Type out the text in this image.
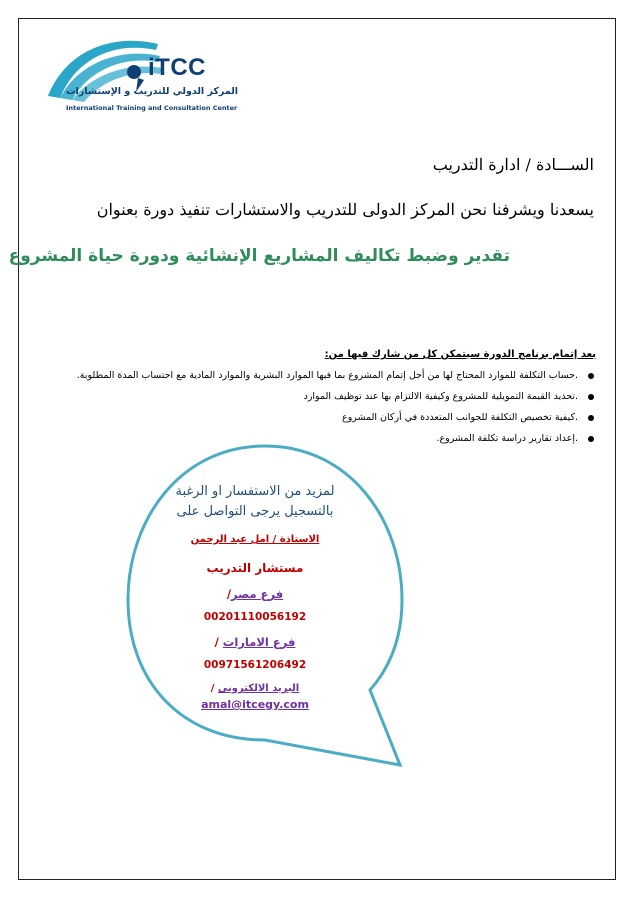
iTCC
المركز الدولي للتدريب و الإستشارات
International Training and Consultation Center
الســـادة / ادارة التدريب
يسعدنا ويشرفنا نحن المركز الدولى للتدريب والاستشارات تنفيذ دورة بعنوان
تقدير وضبط تكاليف المشاريع الإنشائية ودورة حياة المشروع
بعد إتمام برنامج الدورة سيتمكن كل من شارك فيها من:
.حساب التكلفة للموارد المحتاج لها من أجل إتمام المشروع بما فيها الموارد البشرية والموارد المادية مع احتساب المدة المطلوبة.
.تحديد القيمة التمويلية للمشروع وكيفية الالتزام بها عند توظيف الموارد
.كيفية تخصيص التكلفة للجوانب المتعددة في أركان المشروع
.إعداد تقارير دراسة تكلفة المشروع.

لمزيد من الاستفسار او الرغبة

بالتسجيل يرجى التواصل على

الاستاذة / امل عبد الرحمن

مستشار التدريب

فرع مصر/

00201110056192

فرع الامارات /

00971561206492

البريد الالكترونى /

amal@itcegy.com
